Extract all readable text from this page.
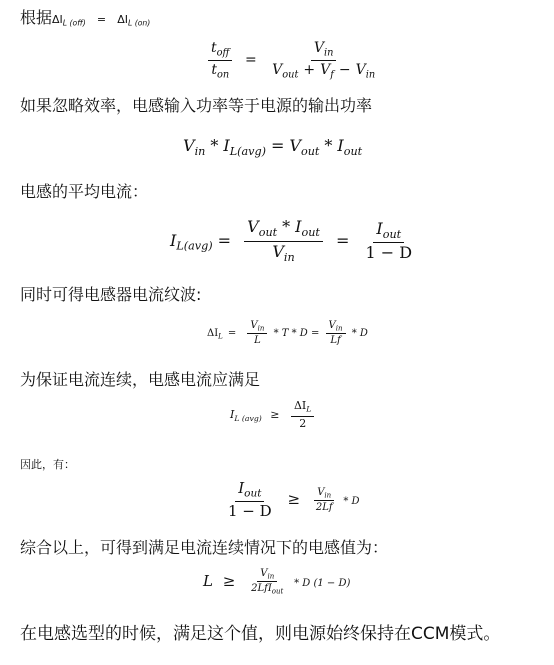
根据$\Delta I_{L (off)} = \Delta I_{L (on)}$
$\frac{t_{off}}{t_{on}} = \frac{V_{in}}{V_{out} + V_f - V_{in}}$
如果忽略效率，电感输入功率等于电源的输出功率
$V_{in} * I_{L(avg)} = V_{out} * I_{out}$
电感的平均电流：
$I_{L(avg)} = \frac{V_{out} * I_{out}}{V_{in}} = \frac{I_{out}}{1 - D}$
同时可得电感器电流纹波:
$\Delta I_L = \frac{V_{in}}{L} * T * D = \frac{V_{in}}{Lf} * D$
为保证电流连续，电感电流应满足
$I_{L (avg)} \ge \frac{\Delta I_L}{2}$
因此，有：
$\frac{I_{out}}{1 - D} \ge \frac{V_{in}}{2Lf} * D$
综合以上，可得到满足电流连续情况下的电感值为：
$L \ge \frac{V_{in}}{2LfI_{out}} * D$ (1 − D)
在电感选型的时候，满足这个值，则电源始终保持在CCM模式。
